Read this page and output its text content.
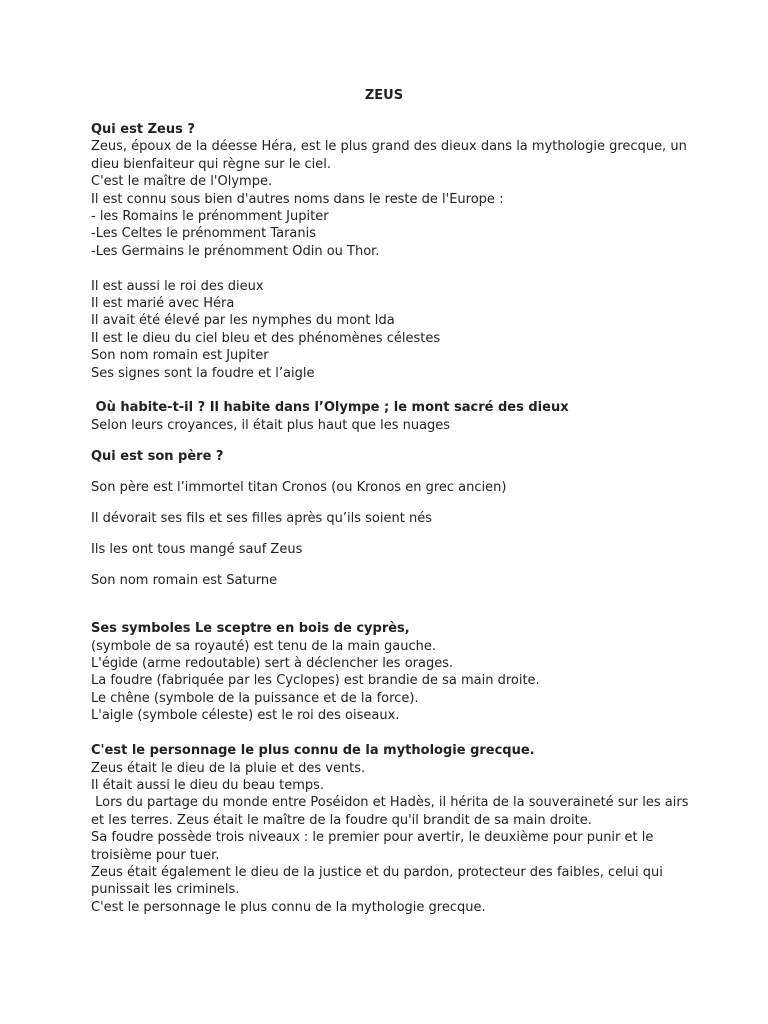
ZEUS
Qui est Zeus ?
Zeus, époux de la déesse Héra, est le plus grand des dieux dans la mythologie grecque, un
dieu bienfaiteur qui règne sur le ciel.
C'est le maître de l'Olympe.
Il est connu sous bien d'autres noms dans le reste de l'Europe :
- les Romains le prénomment Jupiter
-Les Celtes le prénomment Taranis
-Les Germains le prénomment Odin ou Thor.
Il est aussi le roi des dieux
Il est marié avec Héra
Il avait été élevé par les nymphes du mont Ida
Il est le dieu du ciel bleu et des phénomènes célestes
Son nom romain est Jupiter
Ses signes sont la foudre et l’aigle
Où habite-t-il ? Il habite dans l’Olympe ; le mont sacré des dieux
Selon leurs croyances, il était plus haut que les nuages
Qui est son père ?
Son père est l’immortel titan Cronos (ou Kronos en grec ancien)
Il dévorait ses fils et ses filles après qu’ils soient nés
Ils les ont tous mangé sauf Zeus
Son nom romain est Saturne
Ses symboles Le sceptre en bois de cyprès,
(symbole de sa royauté) est tenu de la main gauche.
L'égide (arme redoutable) sert à déclencher les orages.
La foudre (fabriquée par les Cyclopes) est brandie de sa main droite.
Le chêne (symbole de la puissance et de la force).
L'aigle (symbole céleste) est le roi des oiseaux.
C'est le personnage le plus connu de la mythologie grecque.
Zeus était le dieu de la pluie et des vents.
Il était aussi le dieu du beau temps.
Lors du partage du monde entre Poséidon et Hadès, il hérita de la souveraineté sur les airs
et les terres. Zeus était le maître de la foudre qu'il brandit de sa main droite.
Sa foudre possède trois niveaux : le premier pour avertir, le deuxième pour punir et le
troisième pour tuer.
Zeus était également le dieu de la justice et du pardon, protecteur des faibles, celui qui
punissait les criminels.
C'est le personnage le plus connu de la mythologie grecque.
